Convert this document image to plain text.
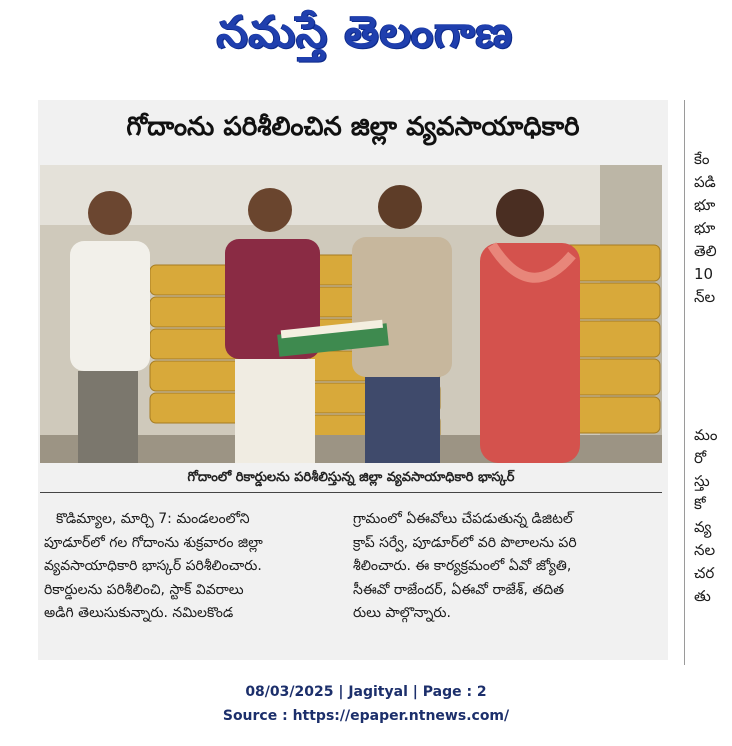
నమస్తే తెలంగాణ
గోదాంను పరిశీలించిన జిల్లా వ్యవసాయాధికారి
గోదాంలో రికార్డులను పరిశీలిస్తున్న జిల్లా వ్యవసాయాధికారి భాస్కర్
కొడిమ్యాల, మార్చి 7: మండలంలోని
పూడూర్‌లో గల గోదాంను శుక్రవారం జిల్లా
వ్యవసాయాధికారి భాస్కర్ పరిశీలించారు.
రికార్డులను పరిశీలించి, స్టాక్ వివరాలు
అడిగి తెలుసుకున్నారు. నమిలకొండ
గ్రామంలో ఏఈవోలు చేపడుతున్న డిజిటల్
క్రాప్ సర్వే, పూడూర్‌లో వరి పొలాలను పరి
శీలించారు. ఈ కార్యక్రమంలో ఏవో జ్యోతి,
సీఈవో రాజేందర్, ఏఈవో రాజేశ్, తదిత
రులు పాల్గొన్నారు.
కేం
పడి
భూ
భూ
తెలి
10
న్‌ల
మం
రో
స్తు
కో
వ్య
నల
చర
తు
08/03/2025 | Jagityal | Page : 2
Source : https://epaper.ntnews.com/
